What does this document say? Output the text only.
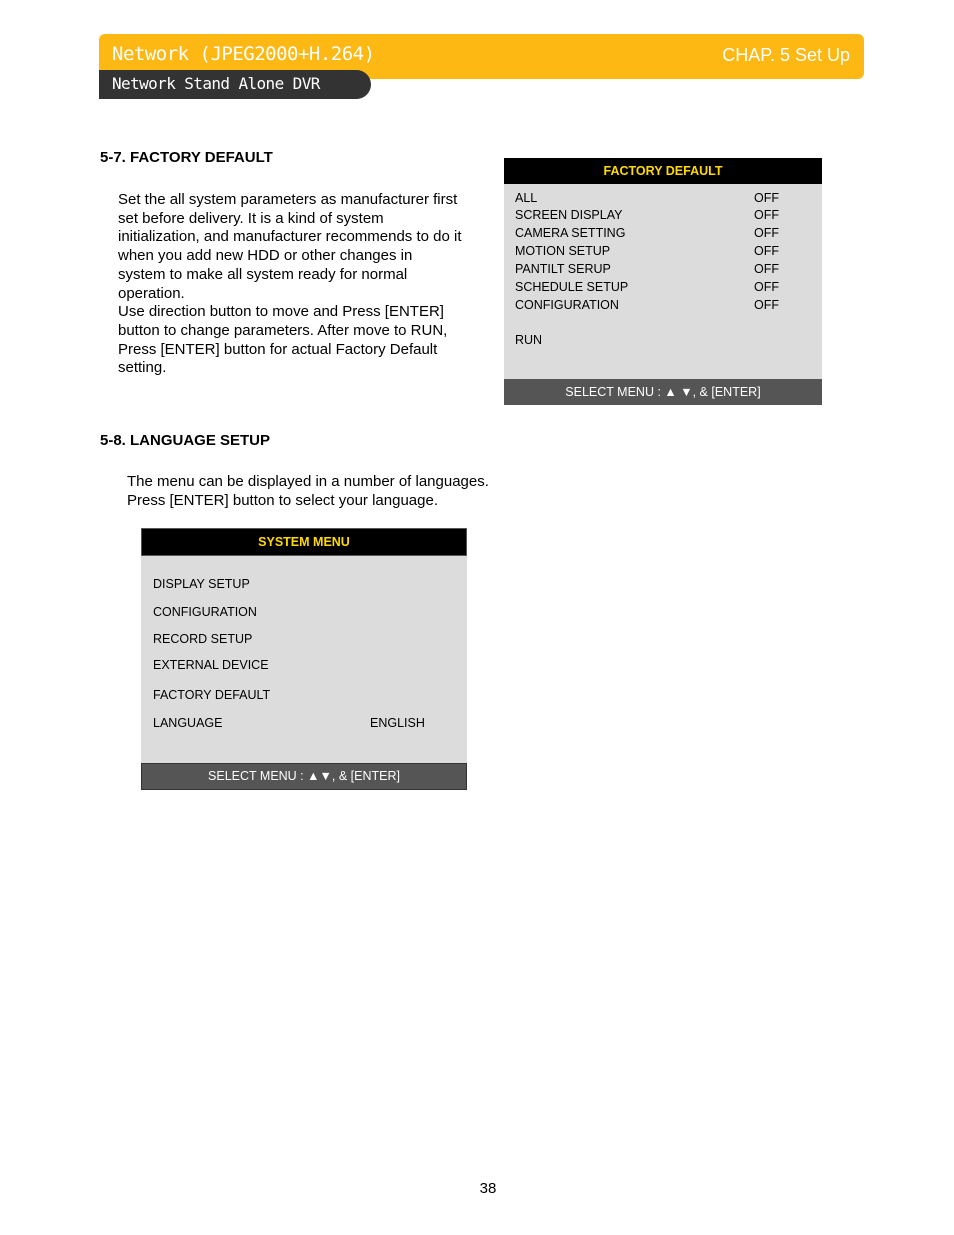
Network (JPEG2000+H.264)	CHAP. 5 Set Up
Network Stand Alone DVR
5-7. FACTORY DEFAULT

Set the all system parameters as manufacturer first

set before delivery. It is a kind of system

initialization, and manufacturer recommends to do it

when you add new HDD or other changes in

system to make all system ready for normal

operation.

Use direction button to move and Press [ENTER]

button to change parameters. After move to RUN,

Press [ENTER] button for actual Factory Default

setting.

FACTORY DEFAULT
ALL	OFF
SCREEN DISPLAY	OFF
CAMERA SETTING	OFF
MOTION SETUP	OFF
PANTILT SERUP	OFF
SCHEDULE SETUP	OFF
CONFIGURATION	OFF
RUN
SELECT MENU : ▲ ▼, & [ENTER]
5-8. LANGUAGE SETUP

The menu can be displayed in a number of languages.

Press [ENTER] button to select your language.

SYSTEM MENU
DISPLAY SETUP
CONFIGURATION
RECORD SETUP
EXTERNAL DEVICE
FACTORY DEFAULT
LANGUAGE	ENGLISH
SELECT MENU : ▲▼, & [ENTER]
38
